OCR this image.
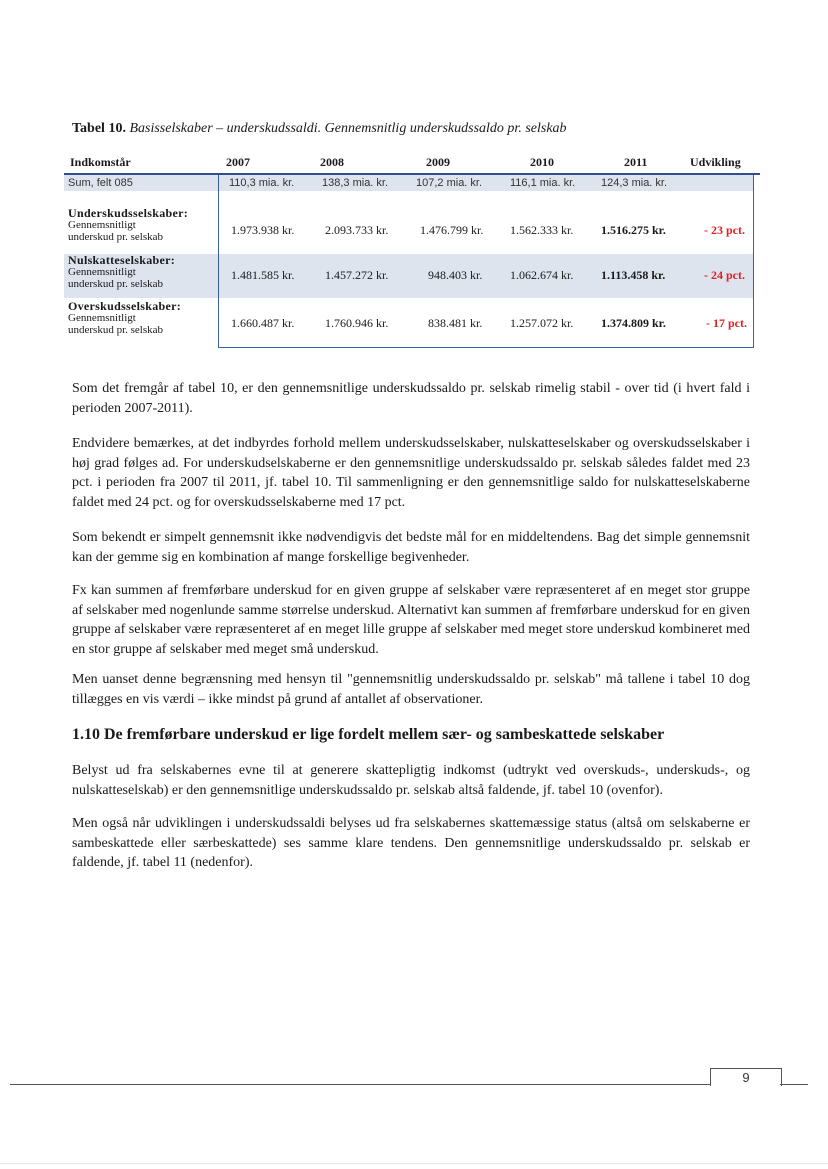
Tabel 10. Basisselskaber – underskudssaldi. Gennemsnitlig underskudssaldo pr. selskab
Indkomstår	2007	2008	2009	2010	2011	Udvikling
Sum, felt 085	110,3 mia. kr.	138,3 mia. kr.	107,2 mia. kr.	116,1 mia. kr. 124,3 mia. kr.
Underskudsselskaber:
Gennemsnitligt
underskud pr. selskab	1.973.938 kr.	2.093.733 kr.	1.476.799 kr. 1.562.333 kr. 1.516.275 kr.	- 23 pct.
Nulskatteselskaber:
Gennemsnitligt
underskud pr. selskab
1.481.585 kr.	1.457.272 kr.	948.403 kr. 1.062.674 kr. 1.113.458 kr.	- 24 pct.
Overskudsselskaber:
Gennemsnitligt
underskud pr. selskab	1.660.487 kr.	1.760.946 kr.	838.481 kr. 1.257.072 kr. 1.374.809 kr.	- 17 pct.

Som det fremgår af tabel 10, er den gennemsnitlige underskudssaldo pr. selskab rimelig stabil - over tid (i hvert fald i perioden 2007-2011).

Endvidere bemærkes, at det indbyrdes forhold mellem underskudsselskaber, nulskatteselskaber og overskudsselskaber i høj grad følges ad. For underskudselskaberne er den gennemsnitlige underskudssaldo pr. selskab således faldet med 23 pct. i perioden fra 2007 til 2011, jf. tabel 10. Til sammenligning er den gennemsnitlige saldo for nulskatteselskaberne faldet med 24 pct. og for overskudsselskaberne med 17 pct.

Som bekendt er simpelt gennemsnit ikke nødvendigvis det bedste mål for en middeltendens. Bag det simple gennemsnit kan der gemme sig en kombination af mange forskellige begivenheder.

Fx kan summen af fremførbare underskud for en given gruppe af selskaber være repræsenteret af en meget stor gruppe af selskaber med nogenlunde samme størrelse underskud. Alternativt kan summen af fremførbare underskud for en given gruppe af selskaber være repræsenteret af en meget lille gruppe af selskaber med meget store underskud kombineret med en stor gruppe af selskaber med meget små underskud.

Men uanset denne begrænsning med hensyn til "gennemsnitlig underskudssaldo pr. selskab" må tallene i tabel 10 dog tillægges en vis værdi – ikke mindst på grund af antallet af observationer.

1.10 De fremførbare underskud er lige fordelt mellem sær- og sambeskattede selskaber

Belyst ud fra selskabernes evne til at generere skattepligtig indkomst (udtrykt ved overskuds-, underskuds-, og nulskatteselskab) er den gennemsnitlige underskudssaldo pr. selskab altså faldende, jf. tabel 10 (ovenfor).

Men også når udviklingen i underskudssaldi belyses ud fra selskabernes skattemæssige status (altså om selskaberne er sambeskattede eller særbeskattede) ses samme klare tendens. Den gennemsnitlige underskudssaldo pr. selskab er faldende, jf. tabel 11 (nedenfor).

9
